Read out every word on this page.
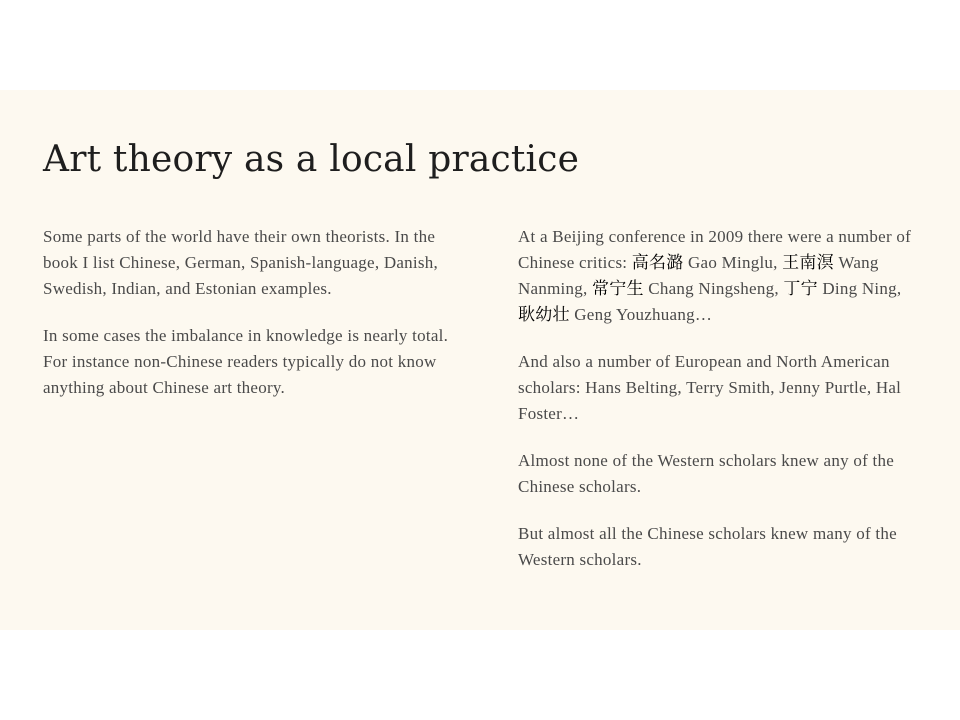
Art theory as a local practice

Some parts of the world have their own theorists. In the book I list Chinese, German, Spanish-language, Danish, Swedish, Indian, and Estonian examples.

In some cases the imbalance in knowledge is nearly total. For instance non-Chinese readers typically do not know anything about Chinese art theory.

At a Beijing conference in 2009 there were a number of Chinese critics: 高名潞 Gao Minglu, 王南溟 Wang Nanming, 常宁生 Chang Ningsheng, 丁宁 Ding Ning, 耿幼壮 Geng Youzhuang…

And also a number of European and North American scholars: Hans Belting, Terry Smith, Jenny Purtle, Hal Foster…

Almost none of the Western scholars knew any of the Chinese scholars.

But almost all the Chinese scholars knew many of the Western scholars.
